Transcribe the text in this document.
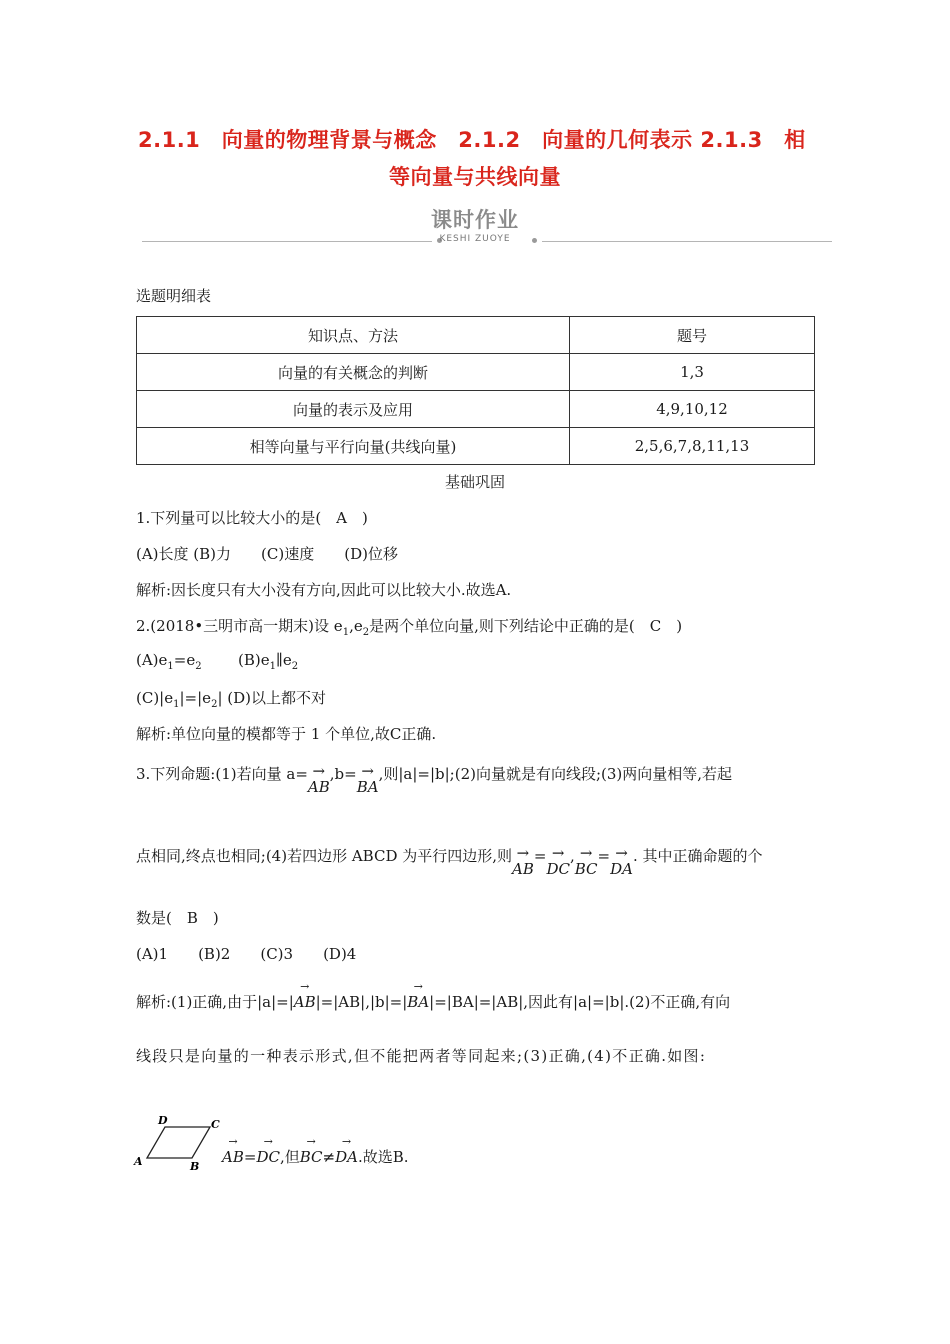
2.1.1　向量的物理背景与概念　2.1.2　向量的几何表示 2.1.3　相
等向量与共线向量
课时作业
KESHI ZUOYE
选题明细表
知识点、方法	题号
向量的有关概念的判断	1,3
向量的表示及应用	4,9,10,12
相等向量与平行向量(共线向量)	2,5,6,7,8,11,13
基础巩固
1.下列量可以比较大小的是(　A　)
(A)长度 (B)力　　(C)速度　　(D)位移
解析:因长度只有大小没有方向,因此可以比较大小.故选A.
2.(2018•三明市高一期末)设 $e_1,e_2$是两个单位向量,则下列结论中正确的是(　C　)
$(A)e_1=e_2$ $(B)e_1\parallel e_2$
$(C)|e_1|=|e_2|$ (D)以上都不对
解析:单位向量的模都等于 1 个单位,故C正确.
3.下列命题:(1)若向量 a= →
AB
,b= →
BA
,则|a|=|b|;(2)向量就是有向线段;(3)两向量相等,若起
点相同,终点也相同;(4)若四边形 ABCD 为平行四边形,则 →
AB
= →
DC
, →
BC
= →
DA
. 其中正确命题的个
数是(　B　)
(A)1　　(B)2　　(C)3　　(D)4
解析:(1)正确,由于|a|=|
→
AB|=|AB|,|b|=|
→
BA|=|BA|=|AB|,因此有|a|=|b|.(2)不正确,有向
线段只是向量的一种表示形式,但不能把两者等同起来;(3)正确,(4)不正确.如图:
A	B
C
D
→
AB=
→
DC,但
→
BC≠
→
DA.故选B.
